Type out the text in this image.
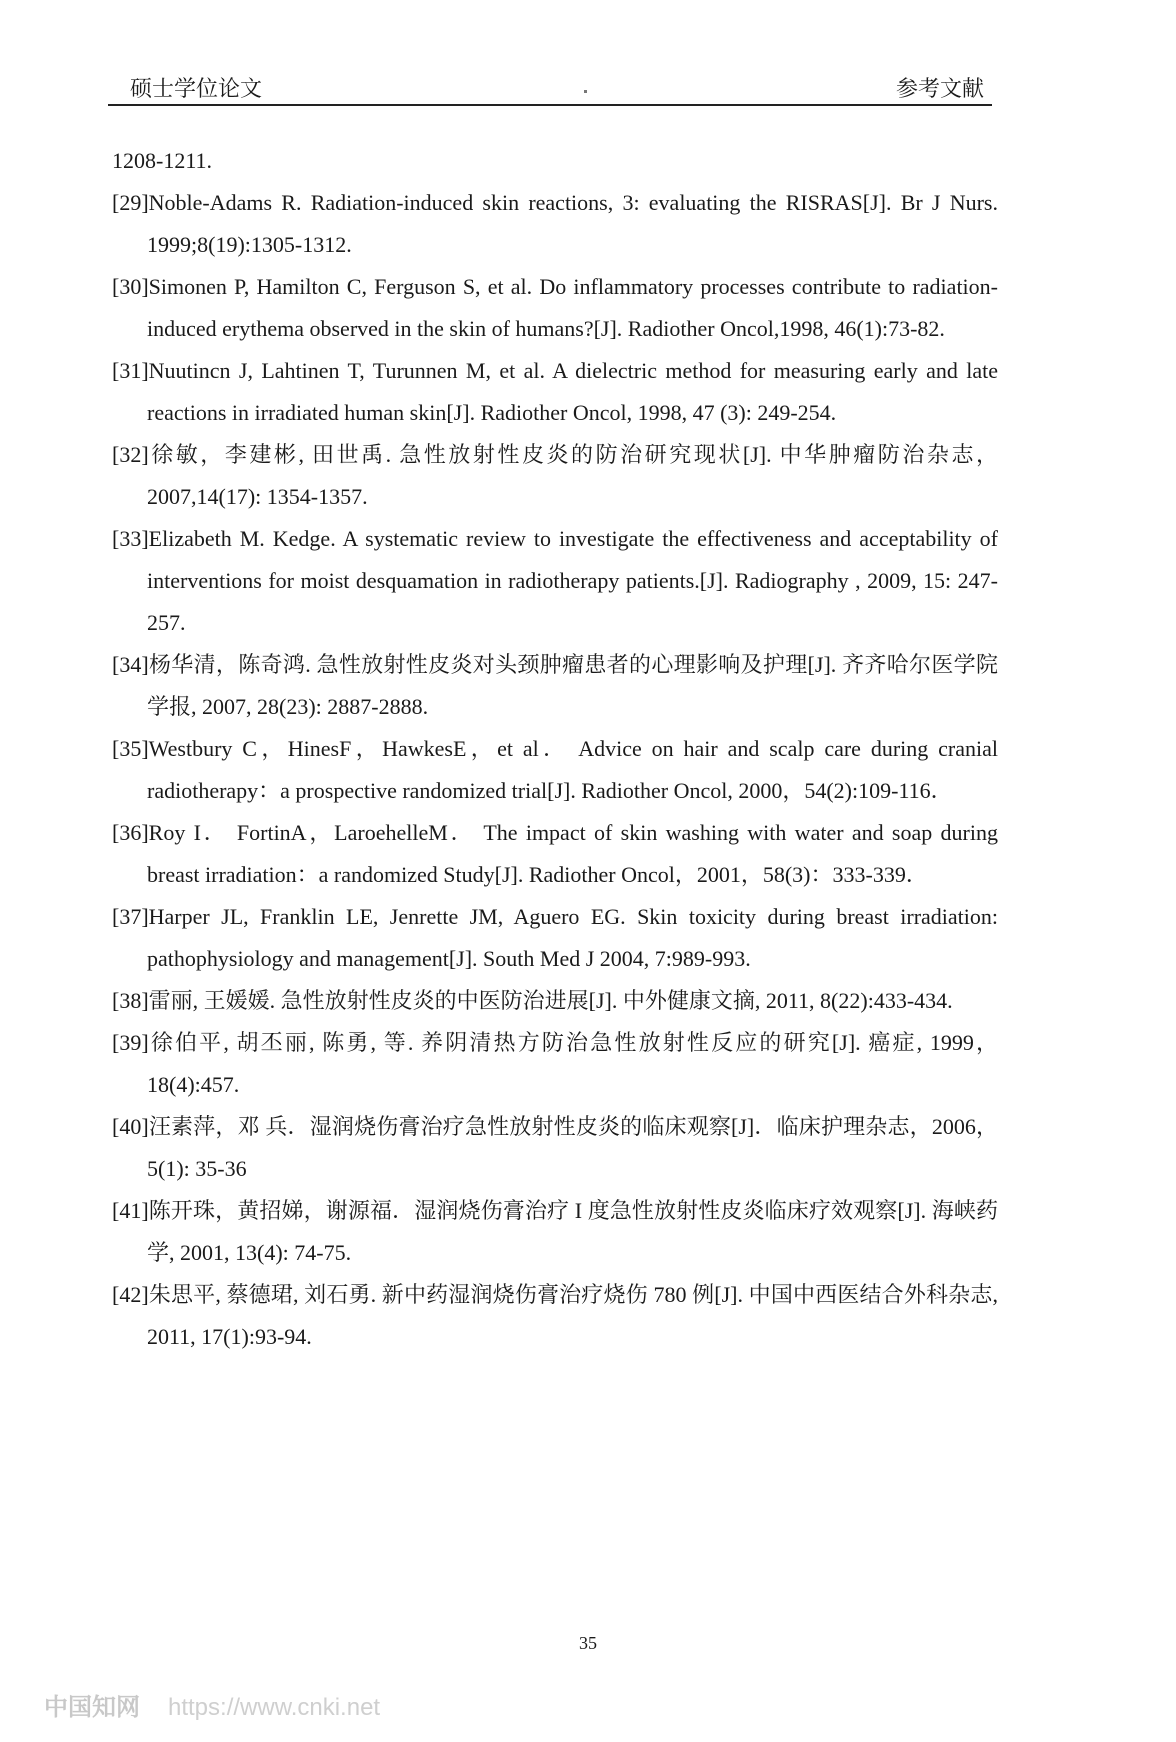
硕士学位论文	参考文献
1208-1211.
[29]Noble-Adams R. Radiation-induced skin reactions, 3: evaluating the RISRAS[J]. Br J Nurs. 1999;8(19):1305-1312.
[30]Simonen P, Hamilton C, Ferguson S, et al. Do inflammatory processes contribute to radiation-induced erythema observed in the skin of humans?[J]. Radiother Oncol,1998, 46(1):73-82.
[31]Nuutincn J, Lahtinen T, Turunnen M, et al. A dielectric method for measuring early and late reactions in irradiated human skin[J]. Radiother Oncol, 1998, 47 (3): 249-254.
[32]徐敏，李建彬, 田世禹. 急性放射性皮炎的防治研究现状[J]. 中华肿瘤防治杂志，2007,14(17): 1354-1357.
[33]Elizabeth M. Kedge. A systematic review to investigate the effectiveness and acceptability of interventions for moist desquamation in radiotherapy patients.[J]. Radiography , 2009, 15: 247-257.
[34]杨华清，陈奇鸿. 急性放射性皮炎对头颈肿瘤患者的心理影响及护理[J]. 齐齐哈尔医学院学报, 2007, 28(23): 2887-2888.
[35]Westbury C，HinesF，HawkesE，et al． Advice on hair and scalp care during cranial radiotherapy：a prospective randomized trial[J]. Radiother Oncol, 2000，54(2):109-116．
[36]Roy I． FortinA，LaroehelleM． The impact of skin washing with water and soap during breast irradiation：a randomized Study[J]. Radiother Oncol，2001，58(3)：333-339．
[37]Harper JL, Franklin LE, Jenrette JM, Aguero EG. Skin toxicity during breast irradiation: pathophysiology and management[J]. South Med J 2004, 7:989-993.
[38]雷丽, 王媛媛. 急性放射性皮炎的中医防治进展[J]. 中外健康文摘, 2011, 8(22):433-434.
[39]徐伯平, 胡丕丽, 陈勇, 等. 养阴清热方防治急性放射性反应的研究[J]. 癌症, 1999，18(4):457.
[40]汪素萍，邓 兵．湿润烧伤膏治疗急性放射性皮炎的临床观察[J]．临床护理杂志，2006，5(1): 35-36
[41]陈开珠，黄招娣，谢源福．湿润烧伤膏治疗 I 度急性放射性皮炎临床疗效观察[J]. 海峡药学, 2001, 13(4): 74-75.
[42]朱思平, 蔡德珺, 刘石勇. 新中药湿润烧伤膏治疗烧伤 780 例[J]. 中国中西医结合外科杂志, 2011, 17(1):93-94.
35
中国知网 https://www.cnki.net
